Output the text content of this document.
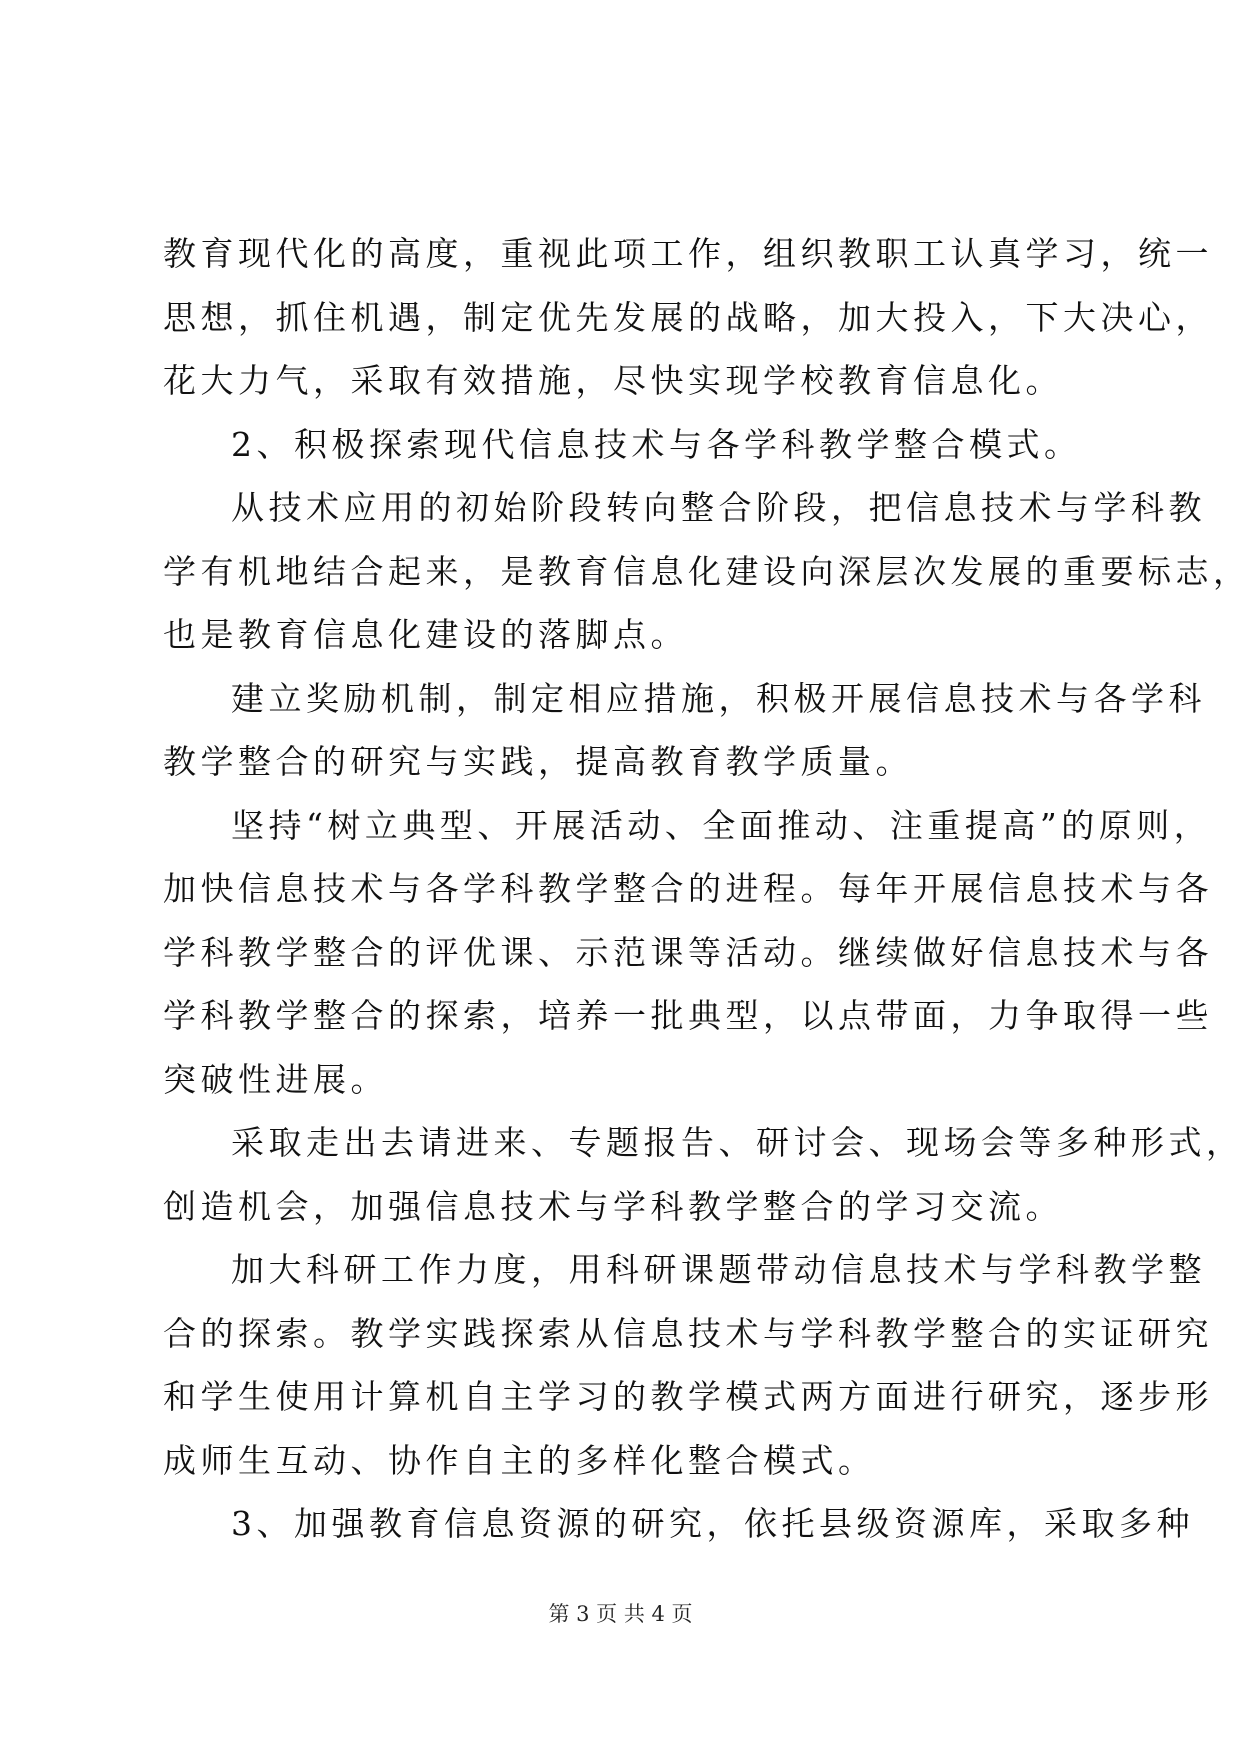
教育现代化的高度，重视此项工作，组织教职工认真学习，统一
思想，抓住机遇，制定优先发展的战略，加大投入，下大决心，
花大力气，采取有效措施，尽快实现学校教育信息化。
2、积极探索现代信息技术与各学科教学整合模式。
从技术应用的初始阶段转向整合阶段，把信息技术与学科教
学有机地结合起来，是教育信息化建设向深层次发展的重要标志，
也是教育信息化建设的落脚点。
建立奖励机制，制定相应措施，积极开展信息技术与各学科
教学整合的研究与实践，提高教育教学质量。
坚持“树立典型、开展活动、全面推动、注重提高”的原则，
加快信息技术与各学科教学整合的进程。每年开展信息技术与各
学科教学整合的评优课、示范课等活动。继续做好信息技术与各
学科教学整合的探索，培养一批典型，以点带面，力争取得一些
突破性进展。
采取走出去请进来、专题报告、研讨会、现场会等多种形式，
创造机会，加强信息技术与学科教学整合的学习交流。
加大科研工作力度，用科研课题带动信息技术与学科教学整
合的探索。教学实践探索从信息技术与学科教学整合的实证研究
和学生使用计算机自主学习的教学模式两方面进行研究，逐步形
成师生互动、协作自主的多样化整合模式。
3、加强教育信息资源的研究，依托县级资源库，采取多种
第 3 页 共 4 页
